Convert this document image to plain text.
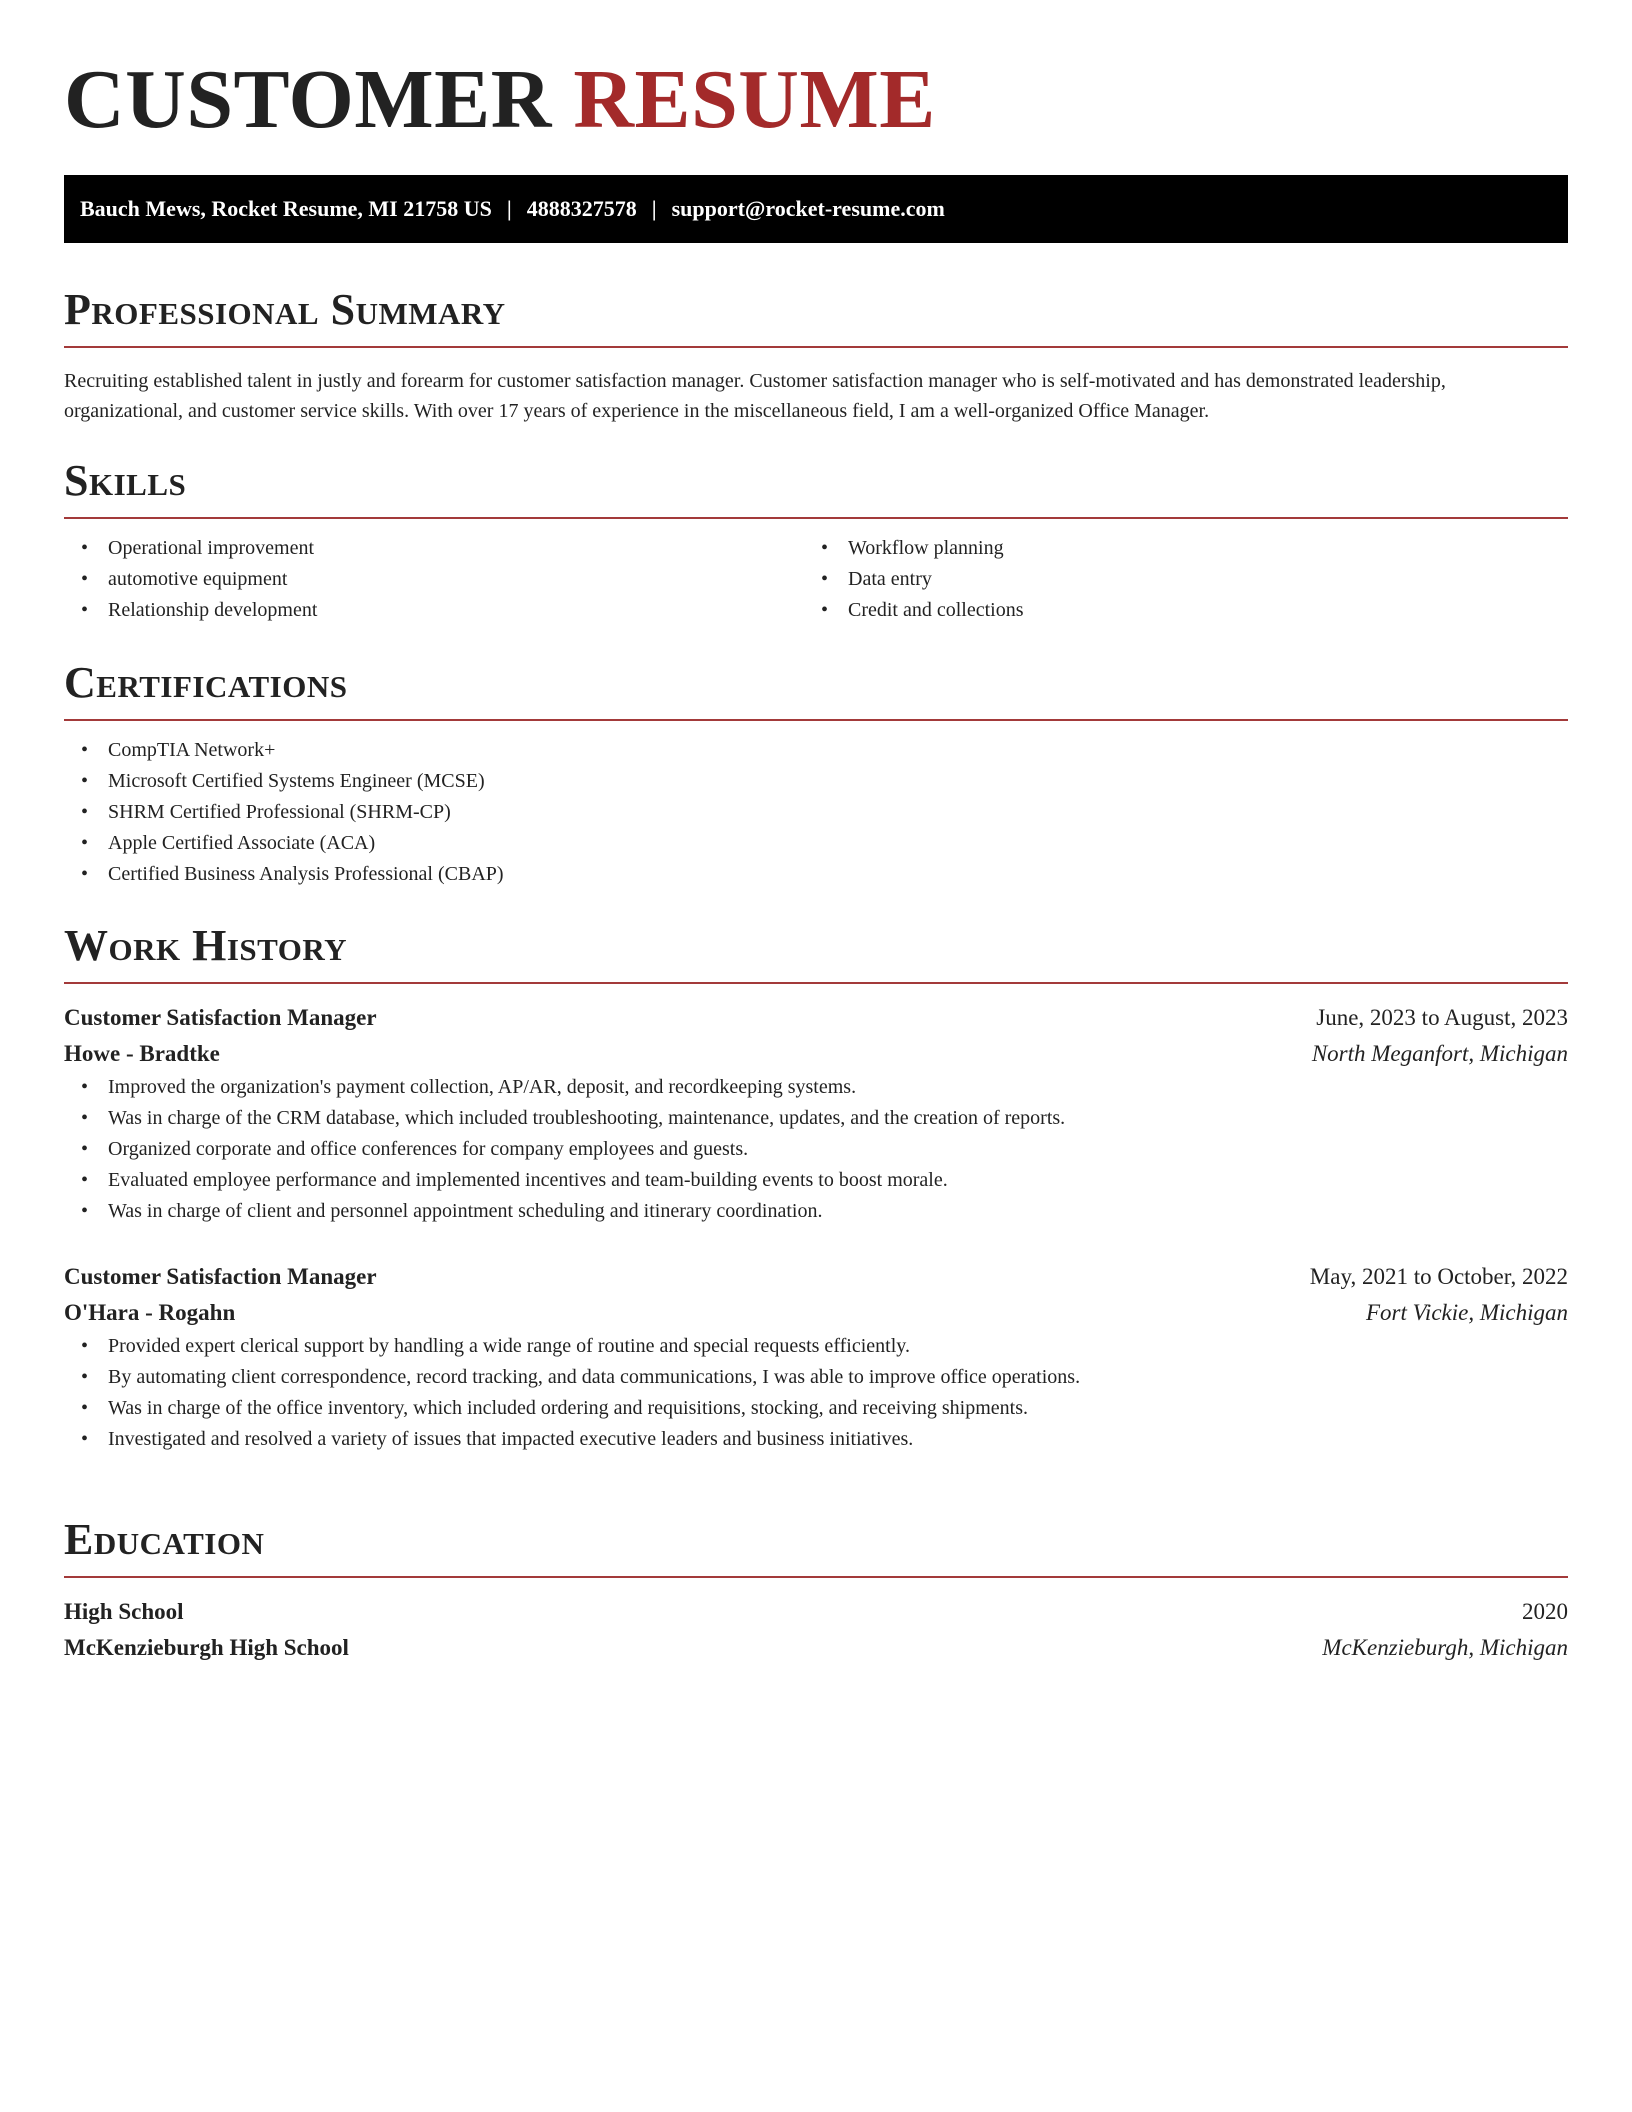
CUSTOMER RESUME
Bauch Mews, Rocket Resume, MI 21758 US | 4888327578 | support@rocket-resume.com
Professional Summary

Recruiting established talent in justly and forearm for customer satisfaction manager. Customer satisfaction manager who is self-motivated and has demonstrated leadership, organizational, and customer service skills. With over 17 years of experience in the miscellaneous field, I am a well-organized Office Manager.

Skills
• Operational improvement
• automotive equipment
• Relationship development
• Workflow planning
• Data entry
• Credit and collections
Certifications
• CompTIA Network+
• Microsoft Certified Systems Engineer (MCSE)
• SHRM Certified Professional (SHRM-CP)
• Apple Certified Associate (ACA)
• Certified Business Analysis Professional (CBAP)
Work History
Customer Satisfaction Manager	June, 2023 to August, 2023
Howe - Bradtke	North Meganfort, Michigan
• Improved the organization's payment collection, AP/AR, deposit, and recordkeeping systems.
• Was in charge of the CRM database, which included troubleshooting, maintenance, updates, and the creation of reports.
• Organized corporate and office conferences for company employees and guests.
• Evaluated employee performance and implemented incentives and team-building events to boost morale.
• Was in charge of client and personnel appointment scheduling and itinerary coordination.
Customer Satisfaction Manager	May, 2021 to October, 2022
O'Hara - Rogahn	Fort Vickie, Michigan
• Provided expert clerical support by handling a wide range of routine and special requests efficiently.
• By automating client correspondence, record tracking, and data communications, I was able to improve office operations.
• Was in charge of the office inventory, which included ordering and requisitions, stocking, and receiving shipments.
• Investigated and resolved a variety of issues that impacted executive leaders and business initiatives.
Education
High School	2020
McKenzieburgh High School	McKenzieburgh, Michigan
